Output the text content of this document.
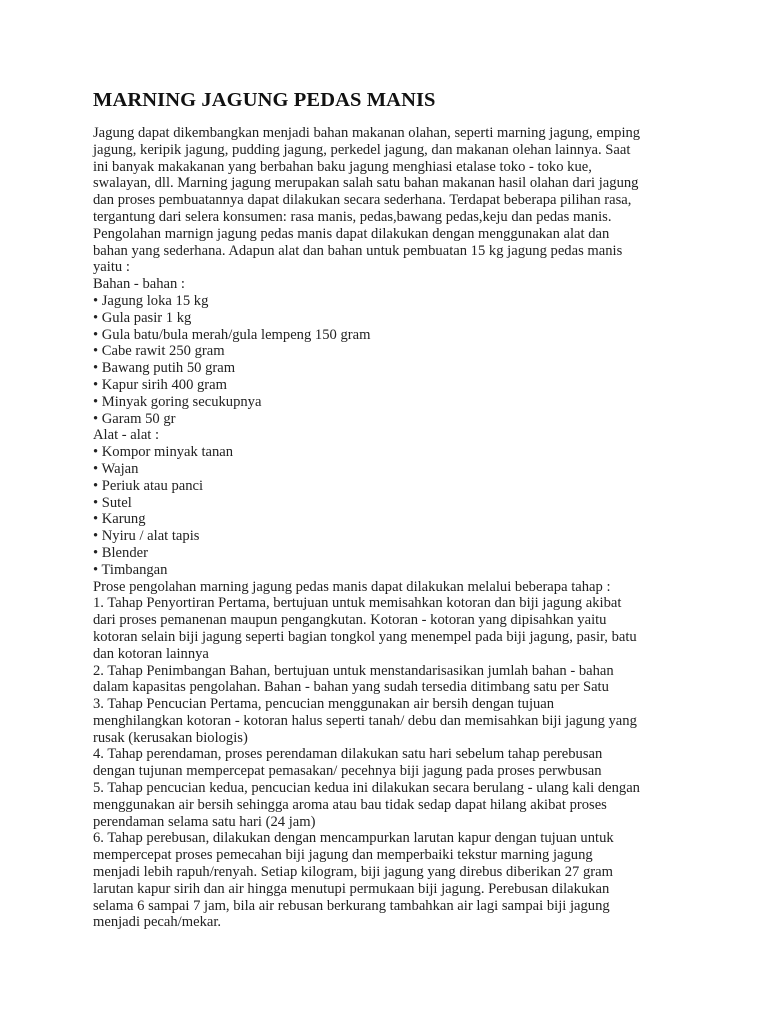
MARNING JAGUNG PEDAS MANIS
Jagung dapat dikembangkan menjadi bahan makanan olahan, seperti marning jagung, emping
jagung, keripik jagung, pudding jagung, perkedel jagung, dan makanan olehan lainnya. Saat
ini banyak makakanan yang berbahan baku jagung menghiasi etalase toko - toko kue,
swalayan, dll. Marning jagung merupakan salah satu bahan makanan hasil olahan dari jagung
dan proses pembuatannya dapat dilakukan secara sederhana. Terdapat beberapa pilihan rasa,
tergantung dari selera konsumen: rasa manis, pedas,bawang pedas,keju dan pedas manis.
Pengolahan marnign jagung pedas manis dapat dilakukan dengan menggunakan alat dan
bahan yang sederhana. Adapun alat dan bahan untuk pembuatan 15 kg jagung pedas manis
yaitu :
Bahan - bahan :
• Jagung loka 15 kg
• Gula pasir 1 kg
• Gula batu/bula merah/gula lempeng 150 gram
• Cabe rawit 250 gram
• Bawang putih 50 gram
• Kapur sirih 400 gram
• Minyak goring secukupnya
• Garam 50 gr
Alat - alat :
• Kompor minyak tanan
• Wajan
• Periuk atau panci
• Sutel
• Karung
• Nyiru / alat tapis
• Blender
• Timbangan
Prose pengolahan marning jagung pedas manis dapat dilakukan melalui beberapa tahap :
1. Tahap Penyortiran Pertama, bertujuan untuk memisahkan kotoran dan biji jagung akibat
dari proses pemanenan maupun pengangkutan. Kotoran - kotoran yang dipisahkan yaitu
kotoran selain biji jagung seperti bagian tongkol yang menempel pada biji jagung, pasir, batu
dan kotoran lainnya
2. Tahap Penimbangan Bahan, bertujuan untuk menstandarisasikan jumlah bahan - bahan
dalam kapasitas pengolahan. Bahan - bahan yang sudah tersedia ditimbang satu per Satu
3. Tahap Pencucian Pertama, pencucian menggunakan air bersih dengan tujuan
menghilangkan kotoran - kotoran halus seperti tanah/ debu dan memisahkan biji jagung yang
rusak (kerusakan biologis)
4. Tahap perendaman, proses perendaman dilakukan satu hari sebelum tahap perebusan
dengan tujunan mempercepat pemasakan/ pecehnya biji jagung pada proses perwbusan
5. Tahap pencucian kedua, pencucian kedua ini dilakukan secara berulang - ulang kali dengan
menggunakan air bersih sehingga aroma atau bau tidak sedap dapat hilang akibat proses
perendaman selama satu hari (24 jam)
6. Tahap perebusan, dilakukan dengan mencampurkan larutan kapur dengan tujuan untuk
mempercepat proses pemecahan biji jagung dan memperbaiki tekstur marning jagung
menjadi lebih rapuh/renyah. Setiap kilogram, biji jagung yang direbus diberikan 27 gram
larutan kapur sirih dan air hingga menutupi permukaan biji jagung. Perebusan dilakukan
selama 6 sampai 7 jam, bila air rebusan berkurang tambahkan air lagi sampai biji jagung
menjadi pecah/mekar.
